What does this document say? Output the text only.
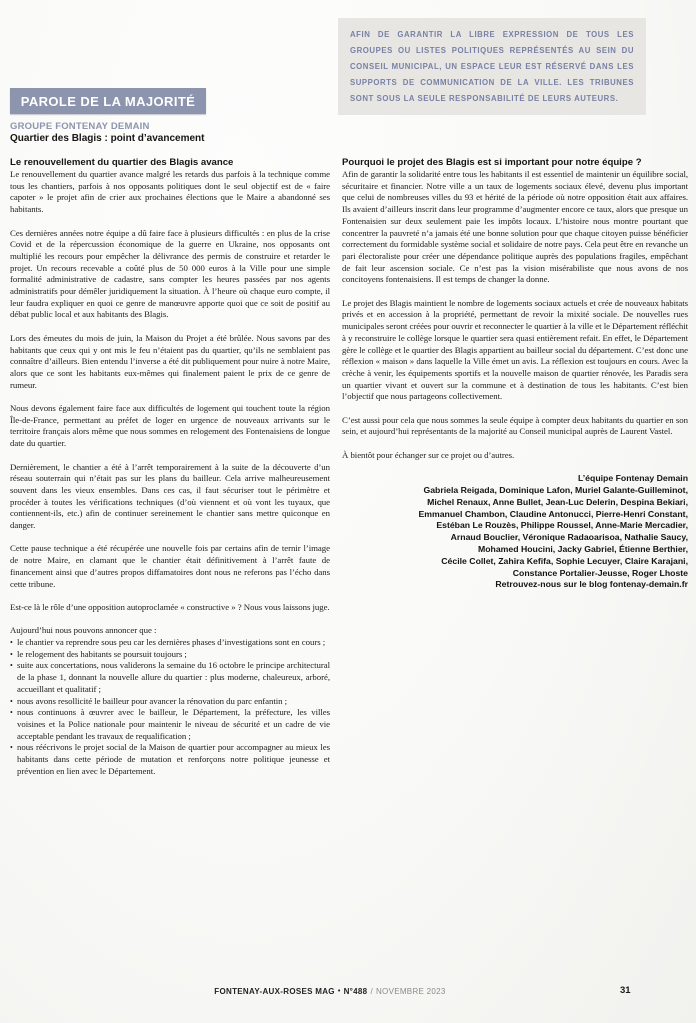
AFIN DE GARANTIR LA LIBRE EXPRESSION DE TOUS LES GROUPES OU LISTES POLITIQUES REPRÉSENTÉS AU SEIN DU CONSEIL MUNICIPAL, UN ESPACE LEUR EST RÉSERVÉ DANS LES SUPPORTS DE COMMUNICATION DE LA VILLE. LES TRIBUNES SONT SOUS LA SEULE RESPONSABILITÉ DE LEURS AUTEURS.

PAROLE DE LA MAJORITÉ
GROUPE FONTENAY DEMAIN
Quartier des Blagis : point d’avancement
Le renouvellement du quartier des Blagis avance

Le renouvellement du quartier avance malgré les retards dus parfois à la technique comme tous les chantiers, parfois à nos opposants politiques dont le seul objectif est de « faire capoter » le projet afin de crier aux prochaines élections que le Maire a abandonné ses habitants.

Ces dernières années notre équipe a dû faire face à plusieurs difficultés : en plus de la crise Covid et de la répercussion économique de la guerre en Ukraine, nos opposants ont multiplié les recours pour empêcher la délivrance des permis de construire et retarder le projet. Un recours recevable a coûté plus de 50 000 euros à la Ville pour une simple formalité administrative de cadastre, sans compter les heures passées par nos agents administratifs pour démêler juridiquement la situation. À l’heure où chaque euro compte, il leur faudra expliquer en quoi ce genre de manœuvre apporte quoi que ce soit de positif au débat public local et aux habitants des Blagis.

Lors des émeutes du mois de juin, la Maison du Projet a été brûlée. Nous savons par des habitants que ceux qui y ont mis le feu n’étaient pas du quartier, qu’ils ne semblaient pas connaître d’ailleurs. Bien entendu l’inverse a été dit publiquement pour nuire à notre Maire, alors que ce sont les habitants eux-mêmes qui finalement paient le prix de ce genre de rumeur.

Nous devons également faire face aux difficultés de logement qui touchent toute la région Île-de-France, permettant au préfet de loger en urgence de nouveaux arrivants sur le territoire français alors même que nous sommes en relogement des Fontenaisiens de longue date du quartier.

Dernièrement, le chantier a été à l’arrêt temporairement à la suite de la découverte d’un réseau souterrain qui n’était pas sur les plans du bailleur. Cela arrive malheureusement souvent dans les vieux ensembles. Dans ces cas, il faut sécuriser tout le périmètre et procéder à toutes les vérifications techniques (d’où viennent et où vont les tuyaux, que contiennent-ils, etc.) afin de continuer sereinement le chantier sans mettre quiconque en danger.

Cette pause technique a été récupérée une nouvelle fois par certains afin de ternir l’image de notre Maire, en clamant que le chantier était définitivement à l’arrêt faute de financement ainsi que d’autres propos diffamatoires dont nous ne referons pas l’écho dans cette tribune.

Est-ce là le rôle d’une opposition autoproclamée « constructive » ? Nous vous laissons juge.

Aujourd’hui nous pouvons annoncer que :

• le chantier va reprendre sous peu car les dernières phases d’investigations sont en cours ;
• le relogement des habitants se poursuit toujours ;
• suite aux concertations, nous validerons la semaine du 16 octobre le principe architectural de la phase 1, donnant la nouvelle allure du quartier : plus moderne, chaleureux, arboré, accueillant et qualitatif ;
• nous avons resollicité le bailleur pour avancer la rénovation du parc enfantin ;
• nous continuons à œuvrer avec le bailleur, le Département, la préfecture, les villes voisines et la Police nationale pour maintenir le niveau de sécurité et un cadre de vie acceptable pendant les travaux de requalification ;
• nous réécrivons le projet social de la Maison de quartier pour accompagner au mieux les habitants dans cette période de mutation et renforçons notre politique jeunesse et prévention en lien avec le Département.
Pourquoi le projet des Blagis est si important pour notre équipe ?

Afin de garantir la solidarité entre tous les habitants il est essentiel de maintenir un équilibre social, sécuritaire et financier. Notre ville a un taux de logements sociaux élevé, devenu plus important que celui de nombreuses villes du 93 et hérité de la période où notre opposition était aux affaires. Ils avaient d’ailleurs inscrit dans leur programme d’augmenter encore ce taux, alors que presque un Fontenaisien sur deux seulement paie les impôts locaux. L’histoire nous montre pourtant que concentrer la pauvreté n’a jamais été une bonne solution pour que chaque citoyen puisse bénéficier correctement du formidable système social et solidaire de notre pays. Cela peut être en revanche un pari électoraliste pour créer une dépendance politique auprès des populations fragiles, empêchant de fait leur ascension sociale. Ce n’est pas la vision misérabiliste que nous avons de nos concitoyens fontenaisiens. Il est temps de changer la donne.

Le projet des Blagis maintient le nombre de logements sociaux actuels et crée de nouveaux habitats privés et en accession à la propriété, permettant de revoir la mixité sociale. De nouvelles rues municipales seront créées pour ouvrir et reconnecter le quartier à la ville et le Département réfléchit à y reconstruire le collège lorsque le quartier sera quasi entièrement refait. En effet, le Département gère le collège et le quartier des Blagis appartient au bailleur social du département. C’est donc une réflexion « maison » dans laquelle la Ville émet un avis. La réflexion est toujours en cours. Avec la crèche à venir, les équipements sportifs et la nouvelle maison de quartier rénovée, les Paradis sera un quartier vivant et ouvert sur la commune et à destination de tous les habitants. C’est bien l’objectif que nous partageons collectivement.

C’est aussi pour cela que nous sommes la seule équipe à compter deux habitants du quartier en son sein, et aujourd’hui représentants de la majorité au Conseil municipal auprès de Laurent Vastel.

À bientôt pour échanger sur ce projet ou d’autres.

L’équipe Fontenay Demain
Gabriela Reigada, Dominique Lafon, Muriel Galante-Guilleminot,
Michel Renaux, Anne Bullet, Jean-Luc Delerin, Despina Bekiari,
Emmanuel Chambon, Claudine Antonucci, Pierre-Henri Constant,
Estéban Le Rouzès, Philippe Roussel, Anne-Marie Mercadier,
Arnaud Bouclier, Véronique Radaoarisoa, Nathalie Saucy,
Mohamed Houcini, Jacky Gabriel, Étienne Berthier,
Cécile Collet, Zahira Kefifa, Sophie Lecuyer, Claire Karajani,
Constance Portalier-Jeusse, Roger Lhoste
Retrouvez-nous sur le blog fontenay-demain.fr
FONTENAY-AUX-ROSES MAG • N°488 / NOVEMBRE 2023	31
